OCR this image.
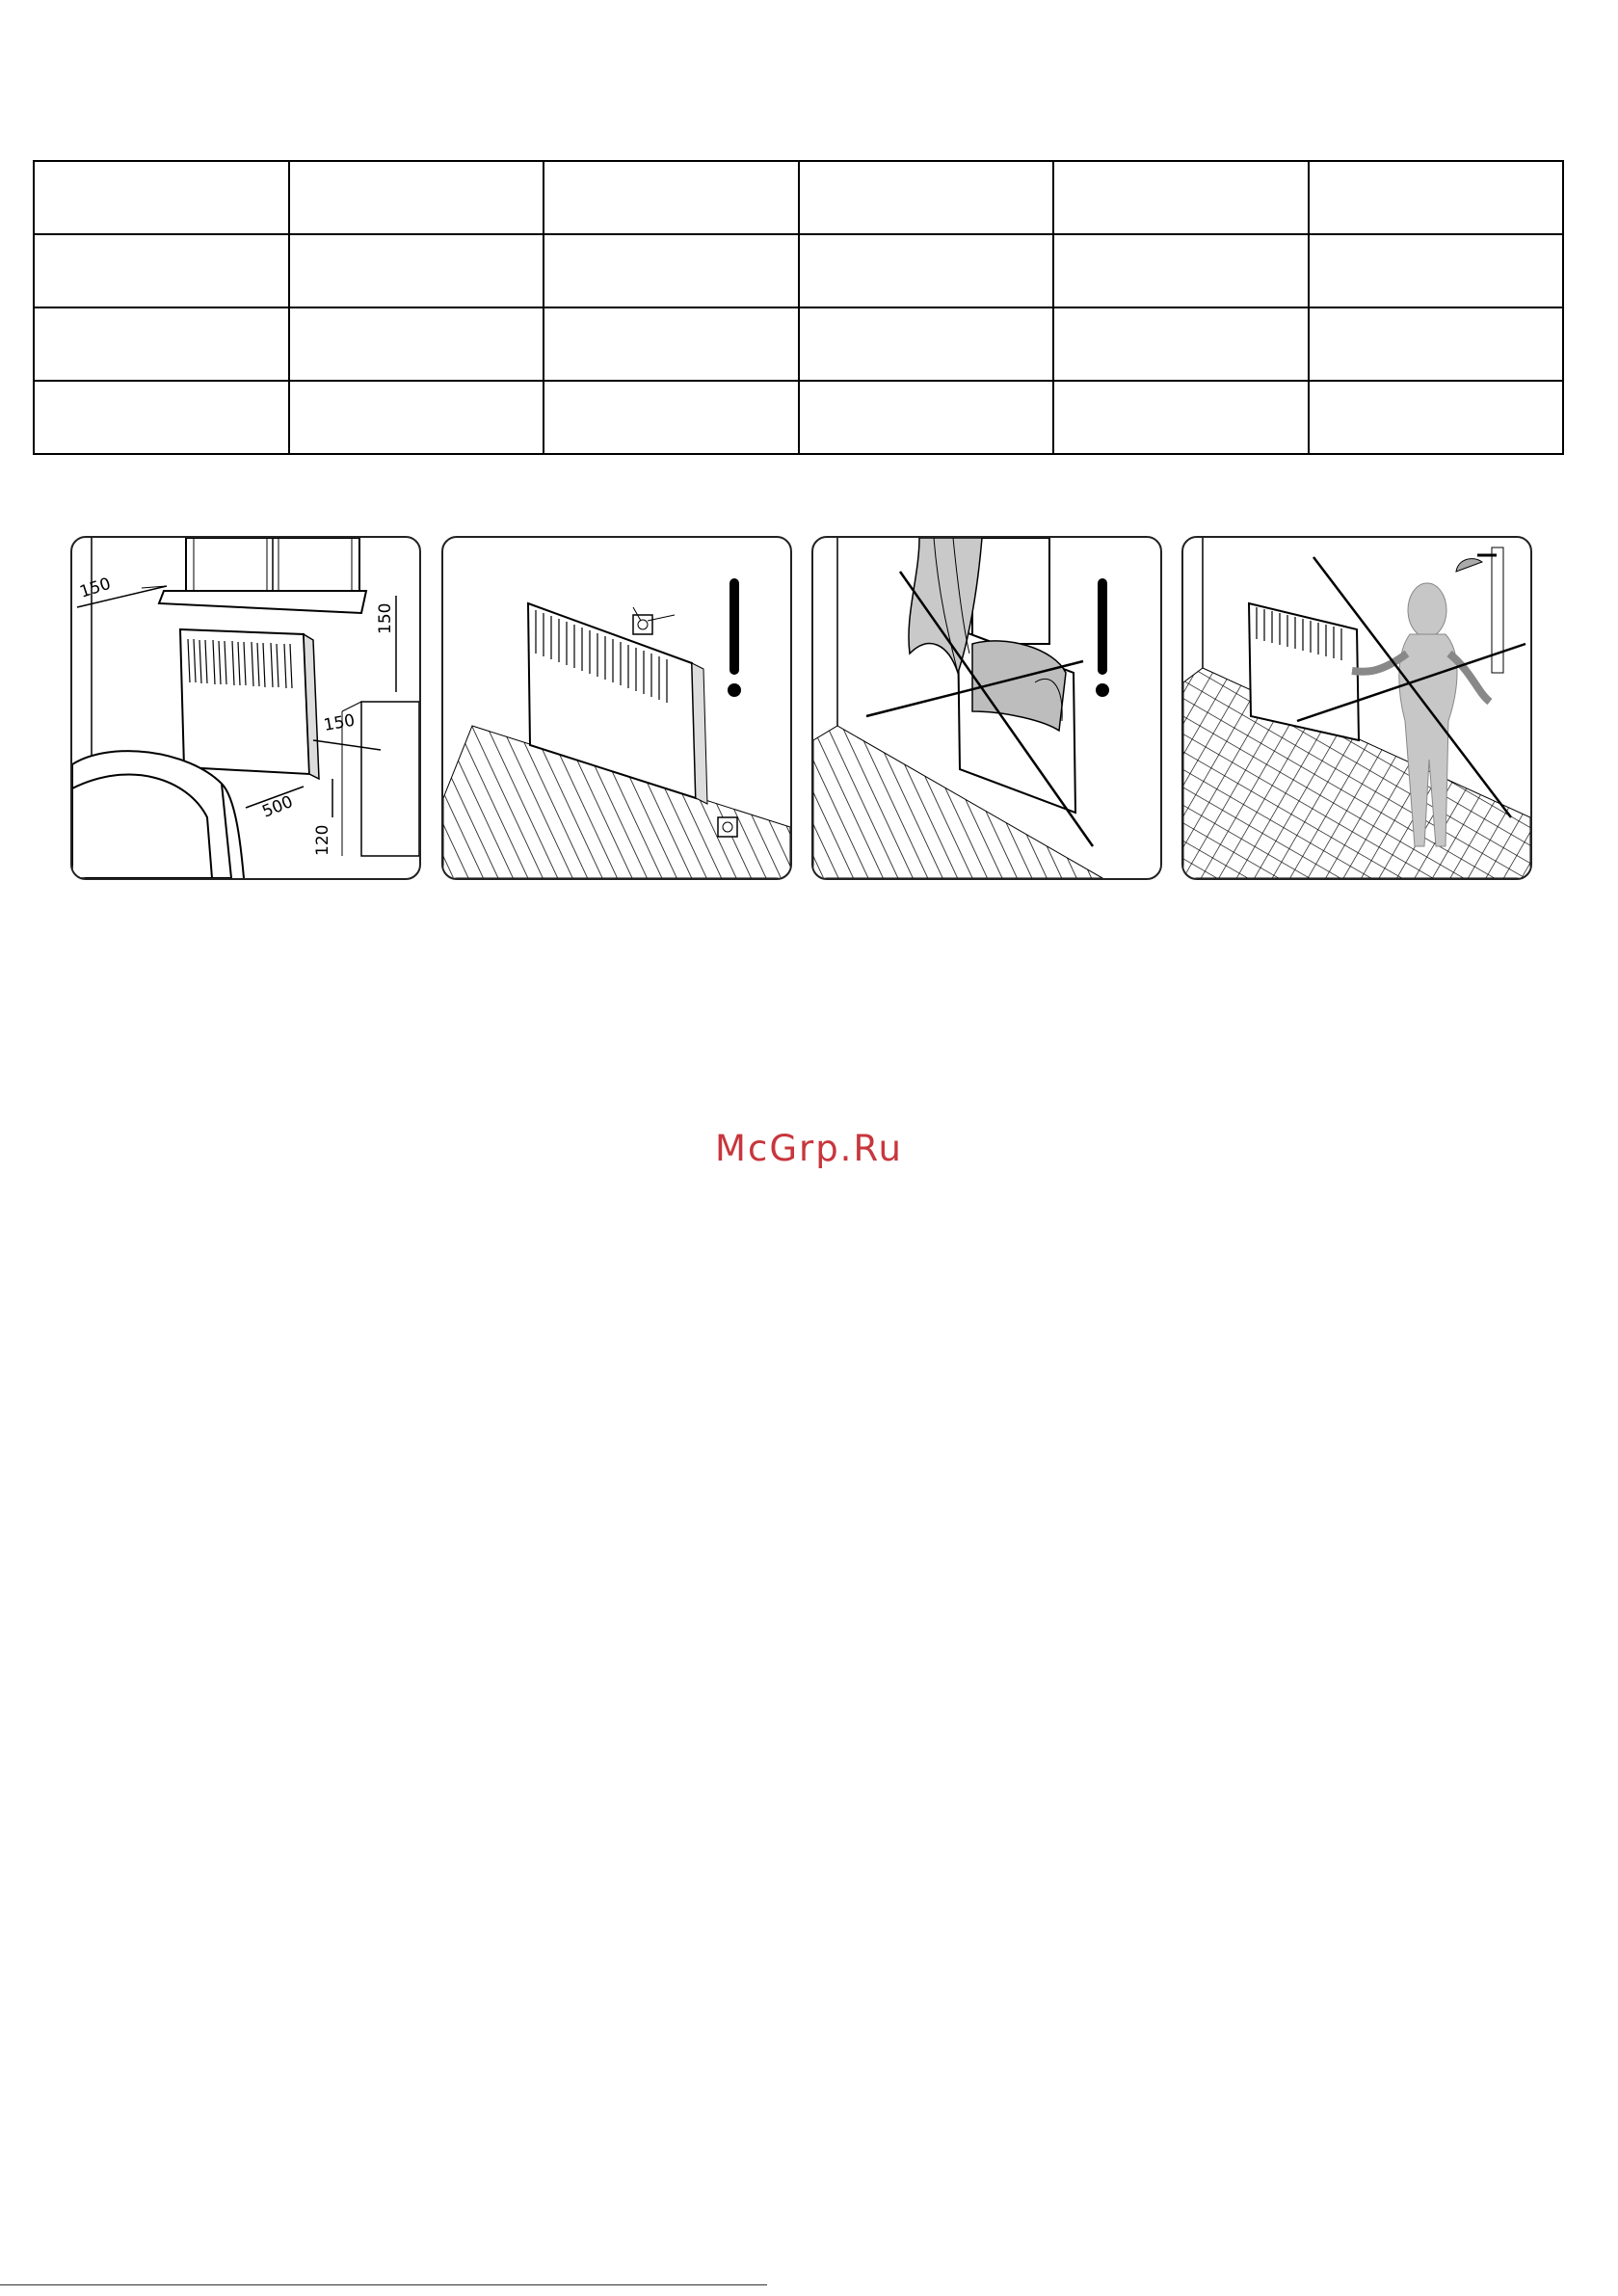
150
150
150
500
120
McGrp.Ru
